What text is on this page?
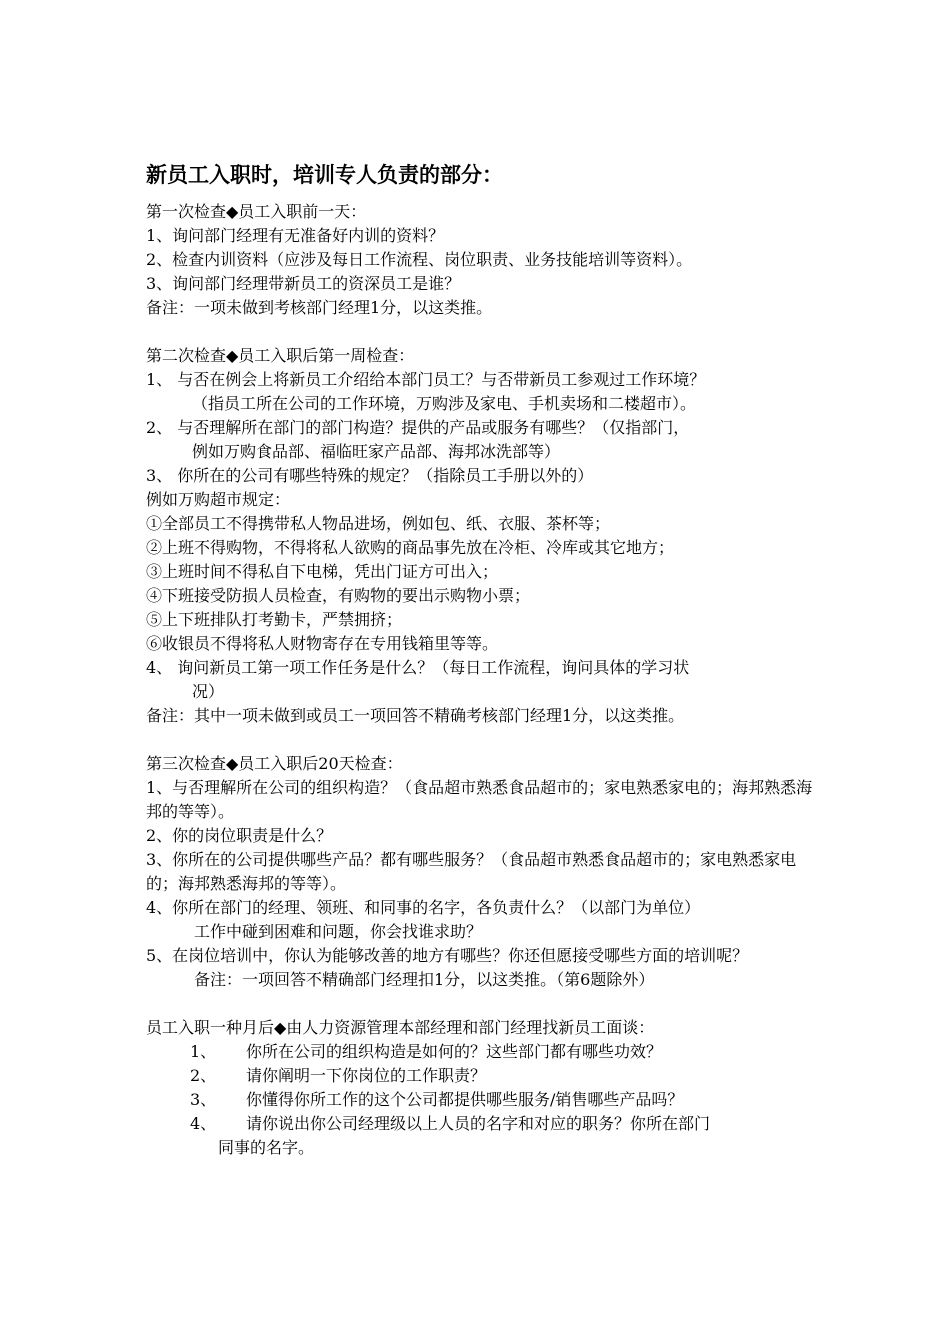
新员工入职时，培训专人负责的部分：

第一次检查◆员工入职前一天：

1、询问部门经理有无准备好内训的资料？

2、检查内训资料（应涉及每日工作流程、岗位职责、业务技能培训等资料）。

3、询问部门经理带新员工的资深员工是谁？

备注：一项未做到考核部门经理1分，以这类推。

第二次检查◆员工入职后第一周检查：

1、 与否在例会上将新员工介绍给本部门员工？与否带新员工参观过工作环境？

（指员工所在公司的工作环境，万购涉及家电、手机卖场和二楼超市）。

2、 与否理解所在部门的部门构造？提供的产品或服务有哪些？（仅指部门，

例如万购食品部、福临旺家产品部、海邦冰洗部等）

3、 你所在的公司有哪些特殊的规定？（指除员工手册以外的）

例如万购超市规定：

①全部员工不得携带私人物品进场，例如包、纸、衣服、茶杯等；

②上班不得购物，不得将私人欲购的商品事先放在冷柜、冷库或其它地方；

③上班时间不得私自下电梯，凭出门证方可出入；

④下班接受防损人员检查，有购物的要出示购物小票；

⑤上下班排队打考勤卡，严禁拥挤；

⑥收银员不得将私人财物寄存在专用钱箱里等等。

4、 询问新员工第一项工作任务是什么？（每日工作流程，询问具体的学习状

况）

备注：其中一项未做到或员工一项回答不精确考核部门经理1分，以这类推。

第三次检查◆员工入职后20天检查：

1、与否理解所在公司的组织构造？（食品超市熟悉食品超市的；家电熟悉家电的；海邦熟悉海邦的等等）。

2、你的岗位职责是什么？

3、你所在的公司提供哪些产品？都有哪些服务？（食品超市熟悉食品超市的；家电熟悉家电的；海邦熟悉海邦的等等）。

4、你所在部门的经理、领班、和同事的名字，各负责什么？（以部门为单位）

工作中碰到困难和问题，你会找谁求助？

5、在岗位培训中，你认为能够改善的地方有哪些？你还但愿接受哪些方面的培训呢？

备注：一项回答不精确部门经理扣1分，以这类推。（第6题除外）

员工入职一种月后◆由人力资源管理本部经理和部门经理找新员工面谈：

1、	你所在公司的组织构造是如何的？这些部门都有哪些功效？
2、	请你阐明一下你岗位的工作职责？
3、	你懂得你所工作的这个公司都提供哪些服务/销售哪些产品吗？
4、	请你说出你公司经理级以上人员的名字和对应的职务？你所在部门

同事的名字。
